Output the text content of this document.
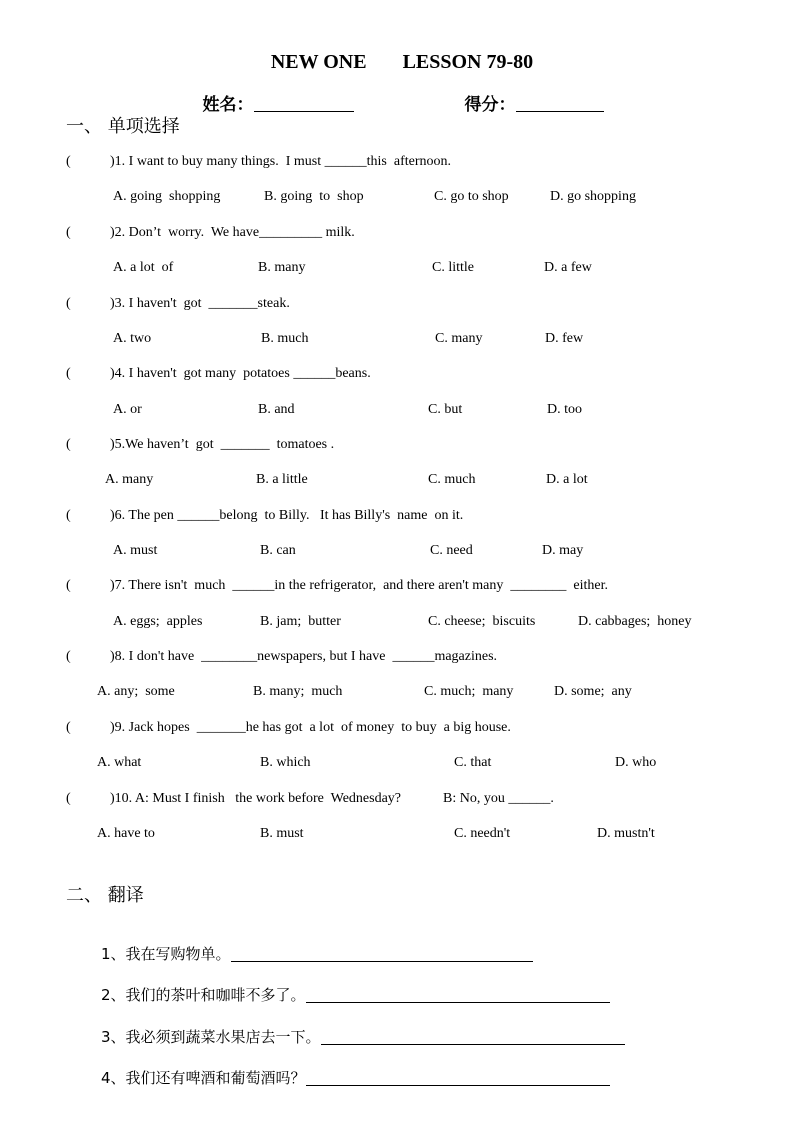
NEW ONE LESSON 79-80

姓名：	得分：

一、 单项选择
(	)1. I want to buy many things.  I must ______this  afternoon.
A. going  shopping	B. going  to  shop	C. go to shop	D. go shopping
(	)2. Don’t  worry.  We have_________ milk.
A. a lot  of	B. many	C. little	D. a few
(	)3. I haven't  got  _______steak.
A. two	B. much	C. many	D. few
(	)4. I haven't  got many  potatoes ______beans.
A. or	B. and	C. but	D. too
(	)5.We haven’t  got  _______  tomatoes .
A. many	B. a little	C. much	D. a lot
(	)6. The pen ______belong  to Billy.   It has Billy's  name  on it.
A. must	B. can	C. need	D. may
(	)7. There isn't  much  ______in the refrigerator,  and there aren't many  ________  either.
A. eggs;  apples	B. jam;  butter	C. cheese;  biscuits	D. cabbages;  honey
(	)8. I don't have  ________newspapers, but I have  ______magazines.
A. any;  some	B. many;  much	C. much;  many	D. some;  any
(	)9. Jack hopes  _______he has got  a lot  of money  to buy  a big house.
A. what	B. which	C. that	D. who
(	)10. A: Must I finish   the work before  Wednesday?            B: No, you ______.
A. have to	B. must	C. needn't	D. mustn't
二、 翻译

1、我在写购物单。

2、我们的茶叶和咖啡不多了。

3、我必须到蔬菜水果店去一下。

4、我们还有啤酒和葡萄酒吗？
